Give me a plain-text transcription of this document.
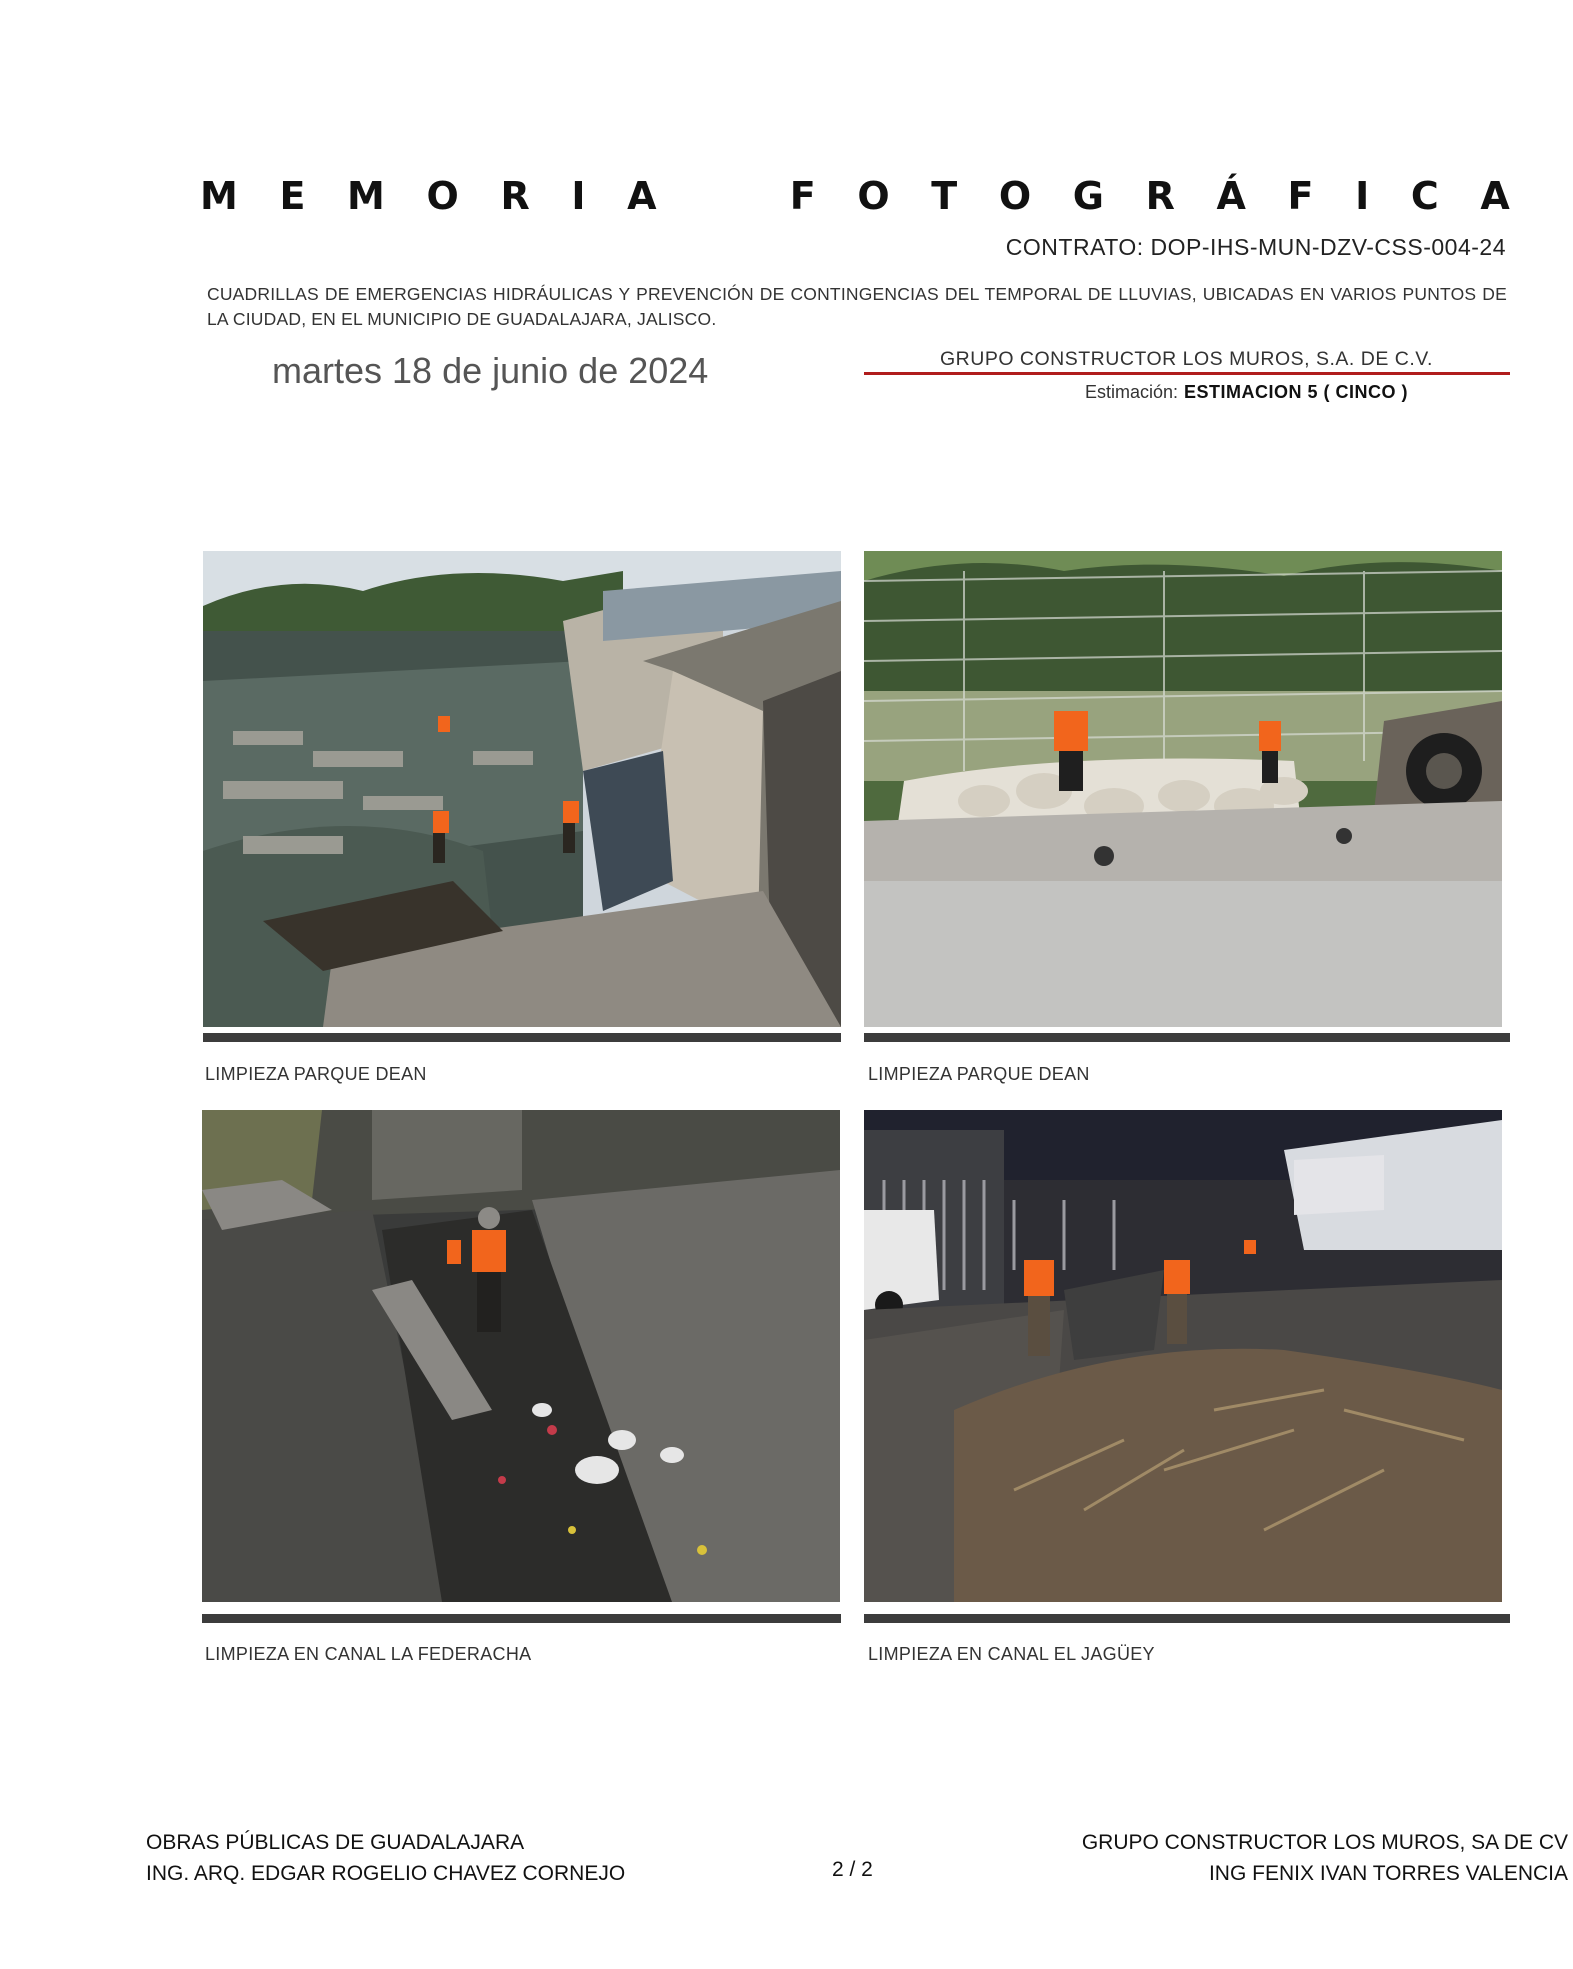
M E M O R I A	F O T O G R Á F I C A
CONTRATO: DOP-IHS-MUN-DZV-CSS-004-24
CUADRILLAS DE EMERGENCIAS HIDRÁULICAS Y PREVENCIÓN DE CONTINGENCIAS DEL TEMPORAL DE LLUVIAS, UBICADAS EN VARIOS PUNTOS DE LA CIUDAD, EN EL MUNICIPIO DE GUADALAJARA, JALISCO.
martes 18 de junio de 2024	GRUPO CONSTRUCTOR LOS MUROS, S.A. DE C.V.
Estimación: ESTIMACION 5 ( CINCO )
LIMPIEZA PARQUE DEAN	LIMPIEZA PARQUE DEAN
LIMPIEZA EN CANAL LA FEDERACHA	LIMPIEZA EN CANAL EL JAGÜEY
OBRAS PÚBLICAS DE GUADALAJARA
ING. ARQ. EDGAR ROGELIO CHAVEZ CORNEJO	2 / 2
GRUPO CONSTRUCTOR LOS MUROS, SA DE CV
ING FENIX IVAN TORRES VALENCIA
